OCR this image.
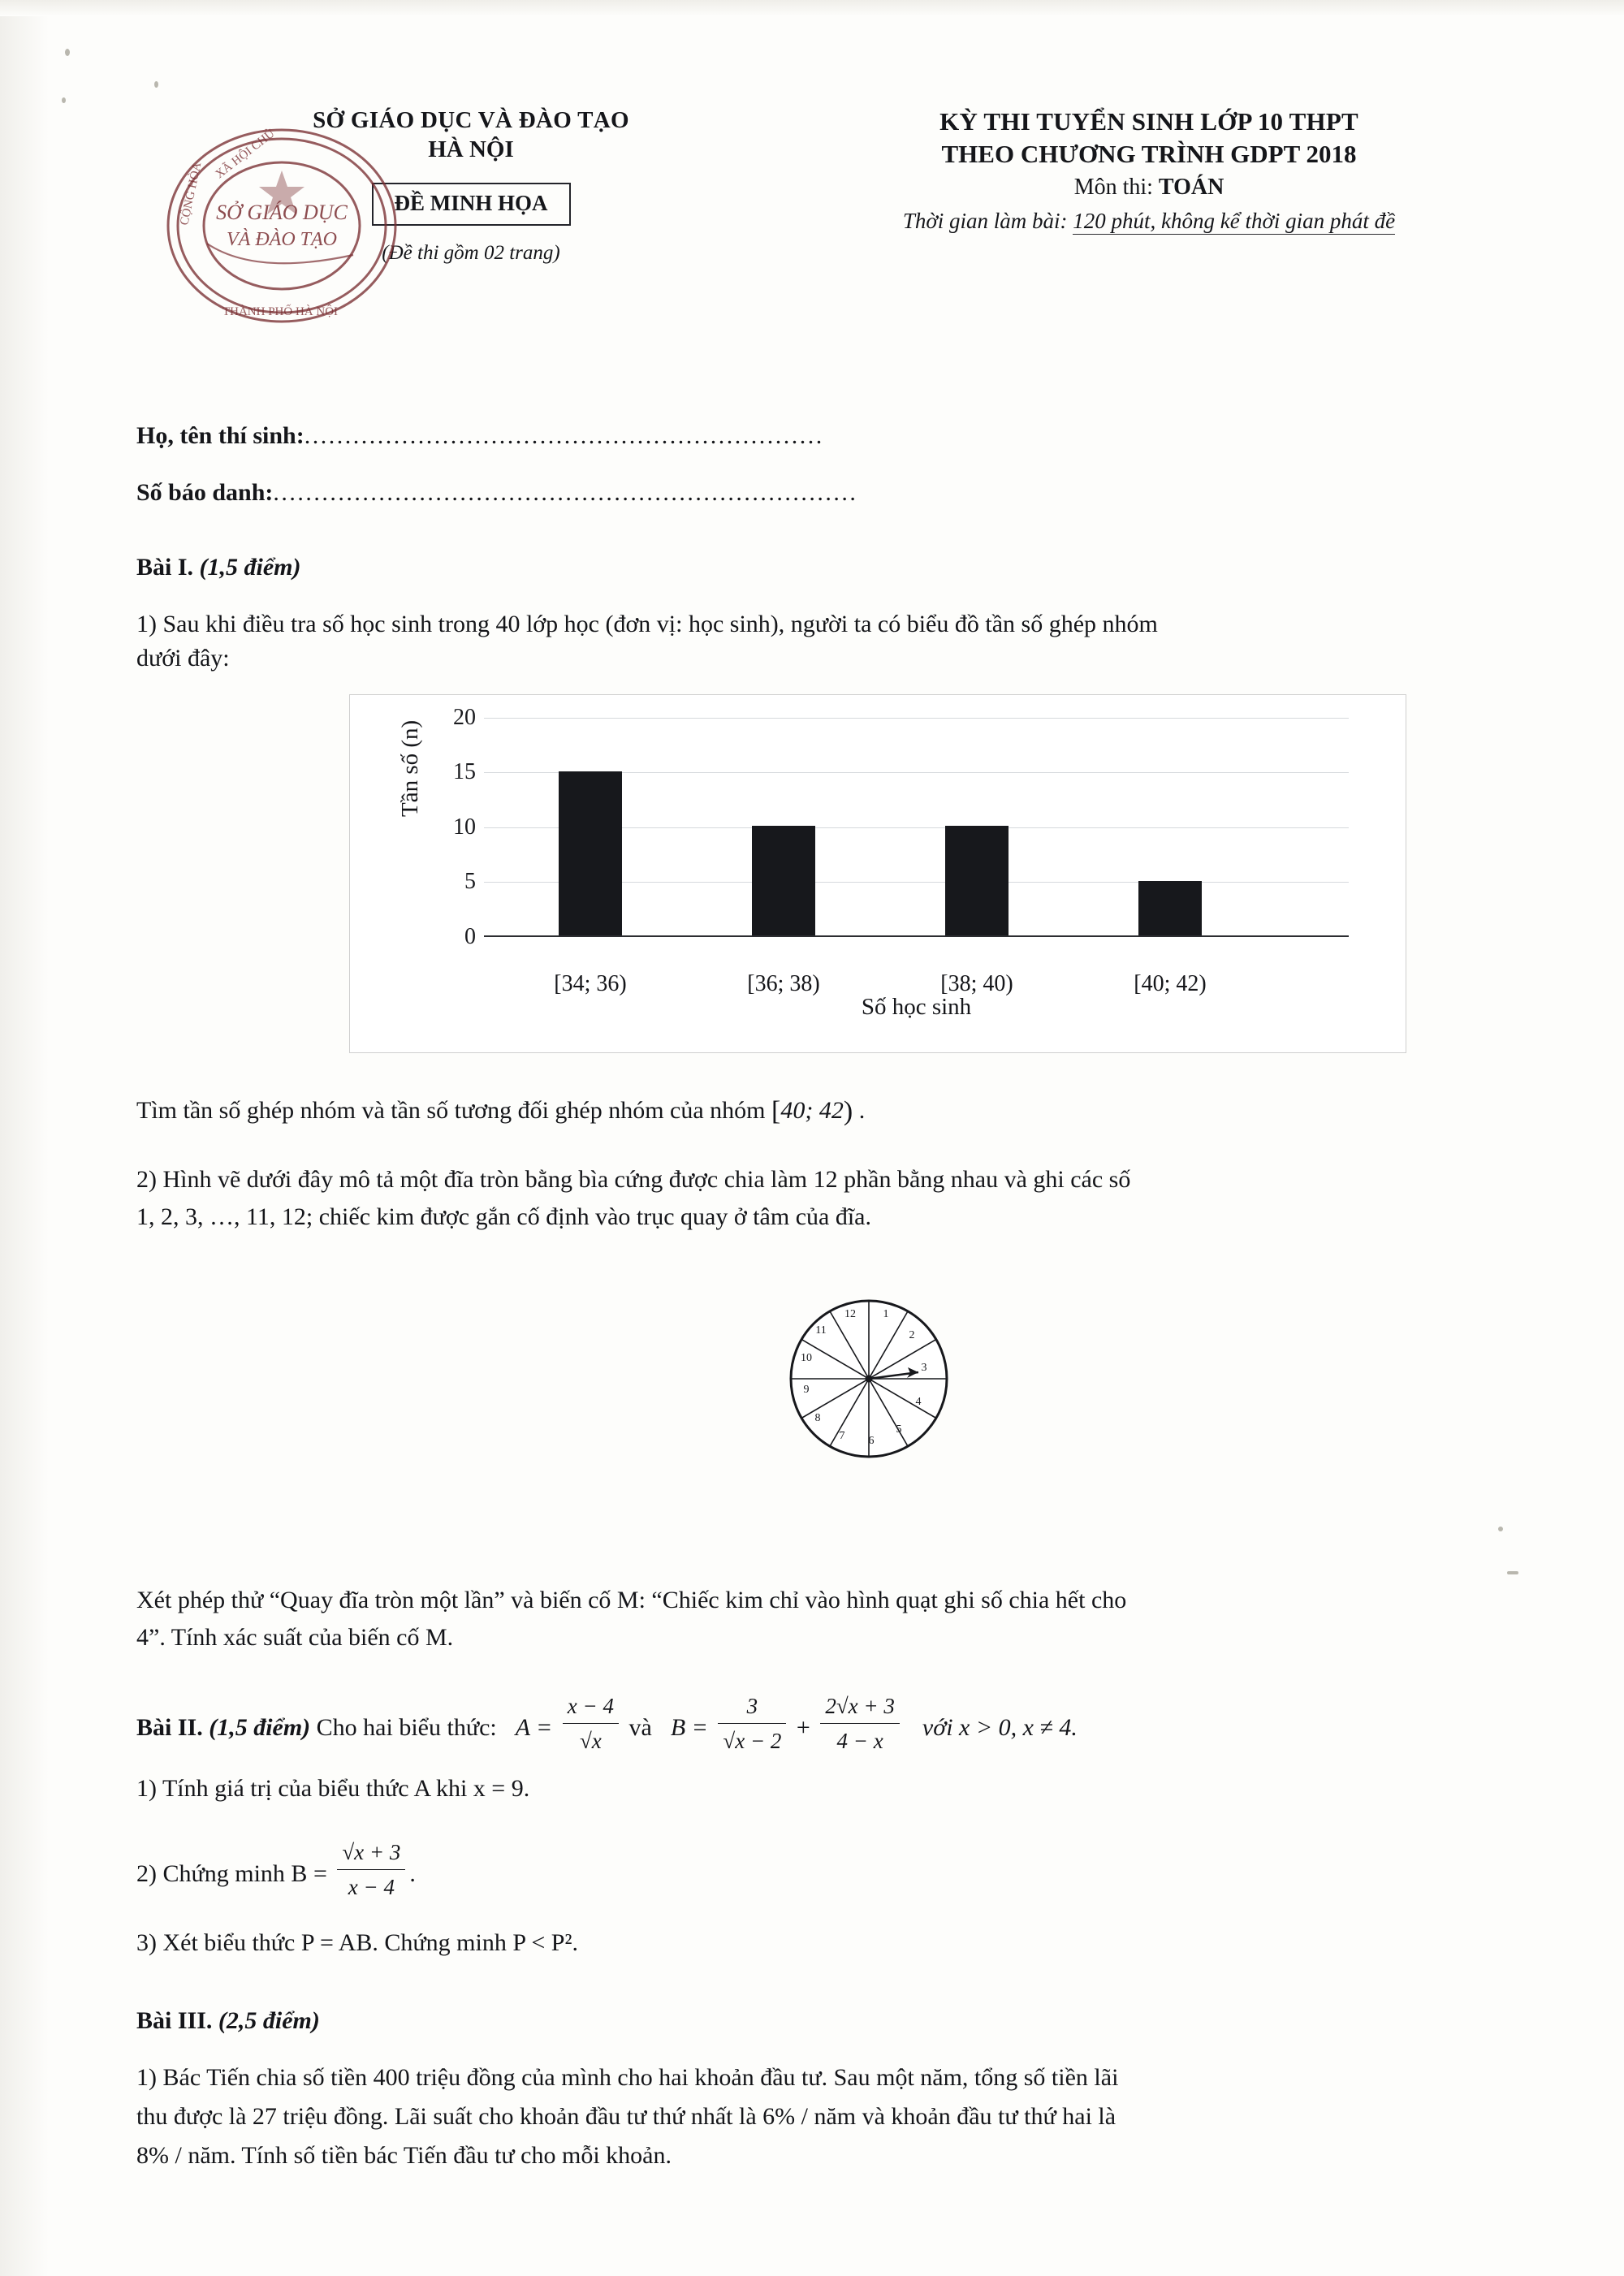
SỞ GIÁO DỤC VÀ ĐÀO TẠO
HÀ NỘI
ĐỀ MINH HỌA
(Đề thi gồm 02 trang)
KỲ THI TUYỂN SINH LỚP 10 THPT
THEO CHƯƠNG TRÌNH GDPT 2018
Môn thi: TOÁN
Thời gian làm bài: 120 phút, không kể thời gian phát đề
CỘNG HÒA
XÃ HỘI CHỦ
THÀNH PHỐ HÀ NỘI
SỞ GIÁO DỤC
VÀ ĐÀO TẠO
Họ, tên thí sinh:................................................................
Số báo danh:........................................................................
Bài I. (1,5 điểm)
1) Sau khi điều tra số học sinh trong 40 lớp học (đơn vị: học sinh), người ta có biểu đồ tần số ghép nhóm
dưới đây:
Tần số (n)
20
15
10
5
0
[34; 36)	[36; 38)	[38; 40)	[40; 42)
Số học sinh
Tìm tần số ghép nhóm và tần số tương đối ghép nhóm của nhóm [40; 42) .
2) Hình vẽ dưới đây mô tả một đĩa tròn bằng bìa cứng được chia làm 12 phần bằng nhau và ghi các số
1, 2, 3, …, 11, 12; chiếc kim được gắn cố định vào trục quay ở tâm của đĩa.
1
2
3
4
5
6
7
8
9
10
11
12
Xét phép thử “Quay đĩa tròn một lần” và biến cố M: “Chiếc kim chỉ vào hình quạt ghi số chia hết cho
4”. Tính xác suất của biến cố M.
Bài II. (1,5 điểm) Cho hai biểu thức: $A = \frac{x - 4}{√x}$ và $B = \frac{3}{√x - 2} + \frac{2√x + 3}{4 - x}$ với x > 0, x ≠ 4.
1) Tính giá trị của biểu thức A khi x = 9.
2) Chứng minh $B = \frac{√x + 3}{x - 4}$ .
3) Xét biểu thức P = AB. Chứng minh P < P².
Bài III. (2,5 điểm)
1) Bác Tiến chia số tiền 400 triệu đồng của mình cho hai khoản đầu tư. Sau một năm, tổng số tiền lãi
thu được là 27 triệu đồng. Lãi suất cho khoản đầu tư thứ nhất là 6% / năm và khoản đầu tư thứ hai là
8% / năm. Tính số tiền bác Tiến đầu tư cho mỗi khoản.
